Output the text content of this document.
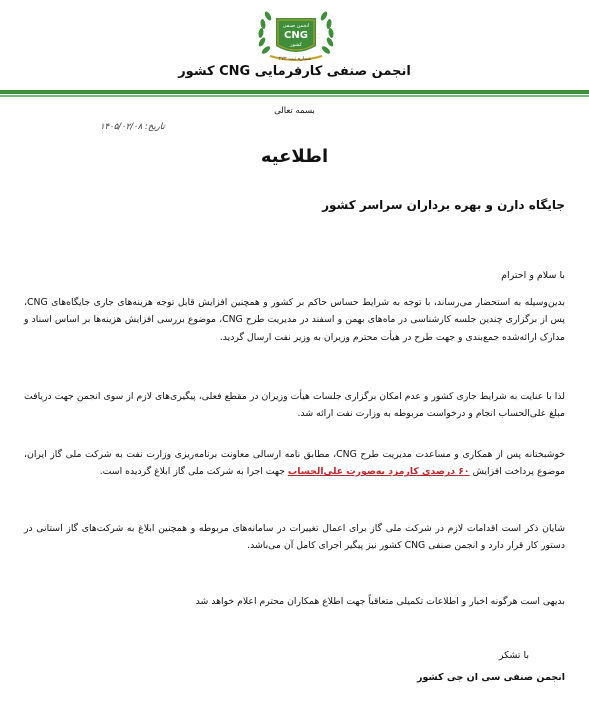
انجمن صنفی
CNG
کشور
شماره ثبت ۲۷۲
انجمن صنفی کارفرمایی CNG کشور
بسمه تعالی
تاریخ: ۱۴۰۵/۰۲/۰۸
اطلاعیه
جایگاه دارن و بهره برداران سراسر کشور
با سلام و احترام
بدین‌وسیله به استحضار می‌رساند، با توجه به شرایط حساس حاکم بر کشور و همچنین افزایش قابل توجه هزینه‌های جاری جایگاه‌های CNG، پس از برگزاری چندین جلسه کارشناسی در ماه‌های بهمن و اسفند در مدیریت طرح CNG، موضوع بررسی افزایش هزینه‌ها بر اساس اسناد و مدارک ارائه‌شده جمع‌بندی و جهت طرح در هیأت محترم وزیران به وزیر نفت ارسال گردید.
لذا با عنایت به شرایط جاری کشور و عدم امکان برگزاری جلسات هیأت وزیران در مقطع فعلی، پیگیری‌های لازم از سوی انجمن جهت دریافت مبلغ علی‌الحساب انجام و درخواست مربوطه به وزارت نفت ارائه شد.
خوشبختانه پس از همکاری و مساعدت مدیریت طرح CNG، مطابق نامه ارسالی معاونت برنامه‌ریزی وزارت نفت به شرکت ملی گاز ایران، موضوع پرداخت افزایش ۶۰ درصدی کارمزد به‌صورت علی‌الحساب جهت اجرا به شرکت ملی گاز ابلاغ گردیده است.
شایان ذکر است اقدامات لازم در شرکت ملی گاز برای اعمال تغییرات در سامانه‌های مربوطه و همچنین ابلاغ به شرکت‌های گاز استانی در دستور کار قرار دارد و انجمن صنفی CNG کشور نیز پیگیر اجرای کامل آن می‌باشد.
بدیهی است هرگونه اخبار و اطلاعات تکمیلی متعاقباً جهت اطلاع همکاران محترم اعلام خواهد شد
با تشکر
انجمن صنفی سی ان جی کشور
